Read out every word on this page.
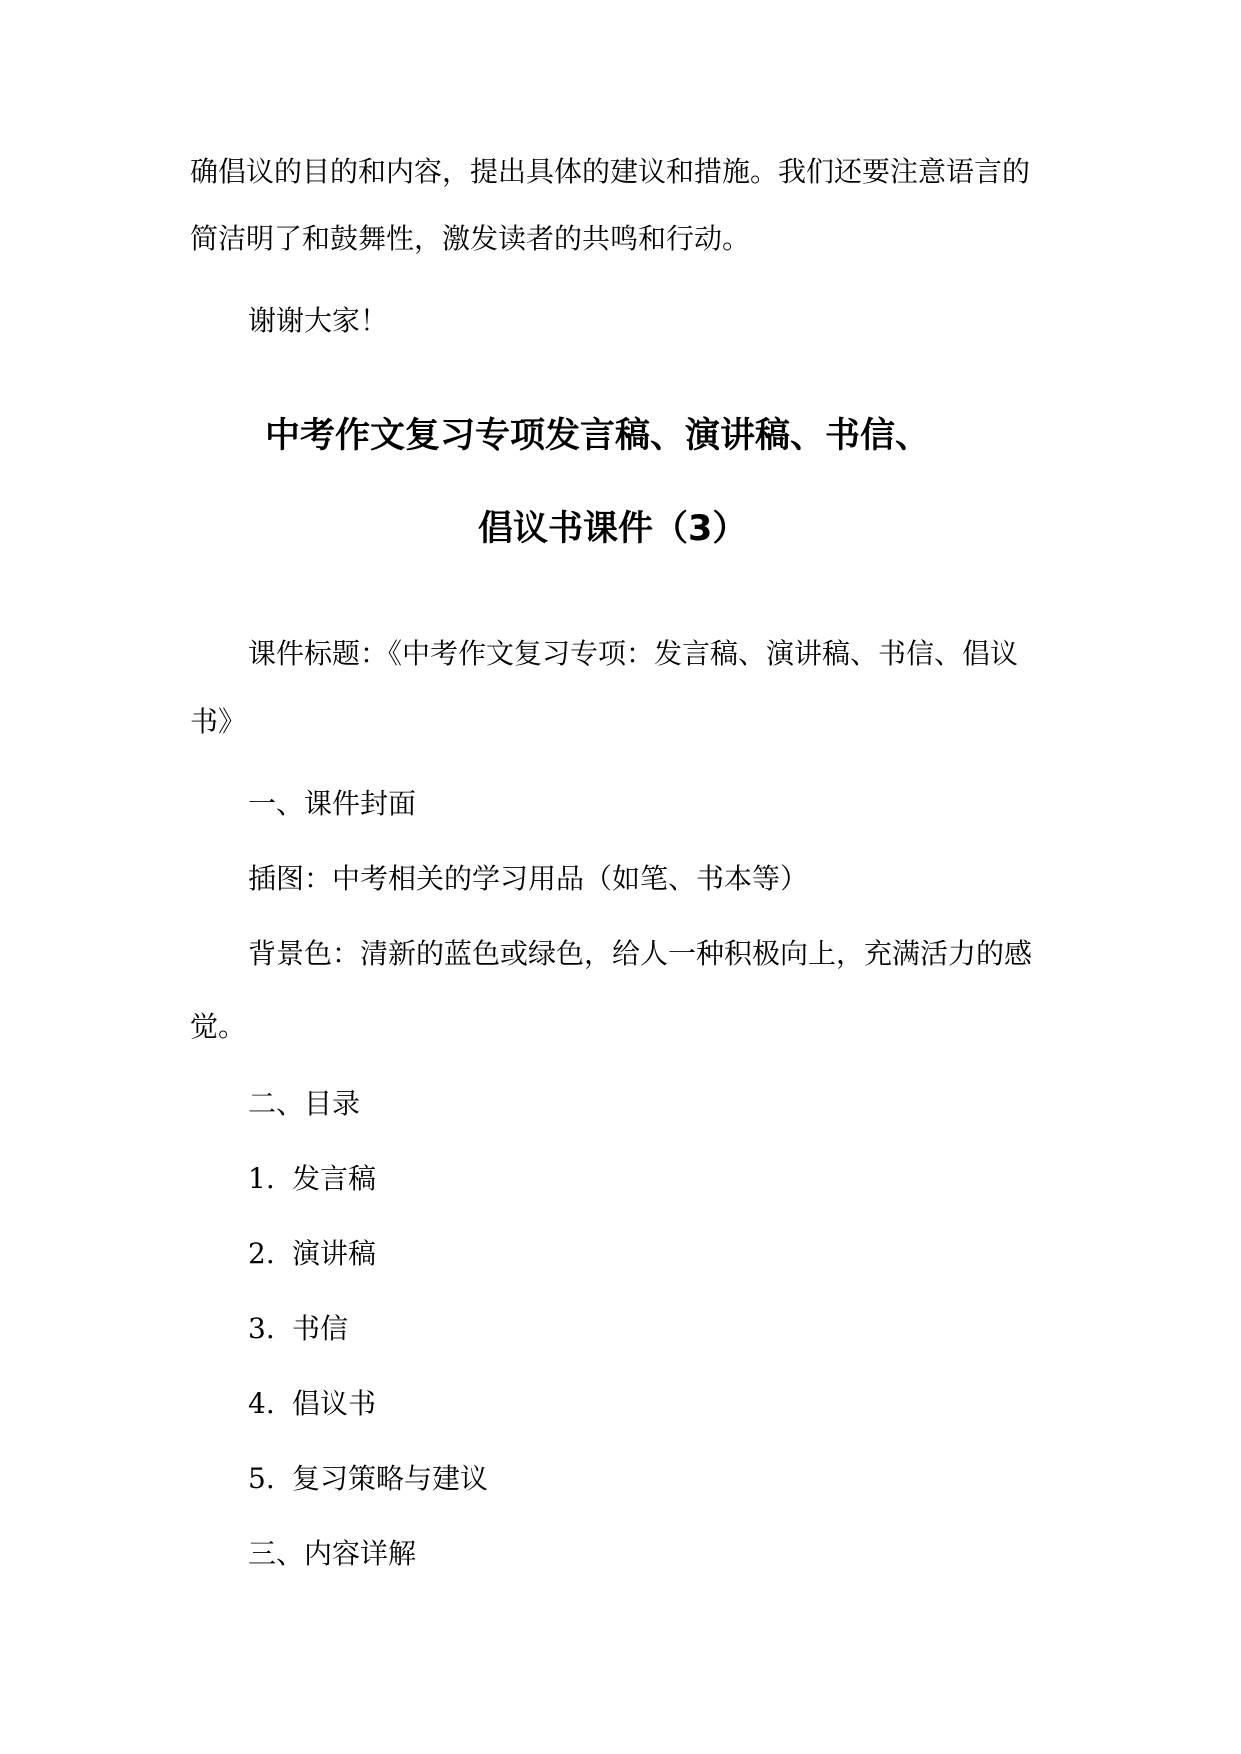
确倡议的目的和内容，提出具体的建议和措施。我们还要注意语言的
简洁明了和鼓舞性，激发读者的共鸣和行动。
谢谢大家！
中考作文复习专项发言稿、演讲稿、书信、
倡议书课件（3）
课件标题：《中考作文复习专项：发言稿、演讲稿、书信、倡议
书》
一、课件封面
插图：中考相关的学习用品（如笔、书本等）
背景色：清新的蓝色或绿色，给人一种积极向上，充满活力的感
觉。
二、目录
1. 发言稿
2. 演讲稿
3. 书信
4. 倡议书
5. 复习策略与建议
三、内容详解
